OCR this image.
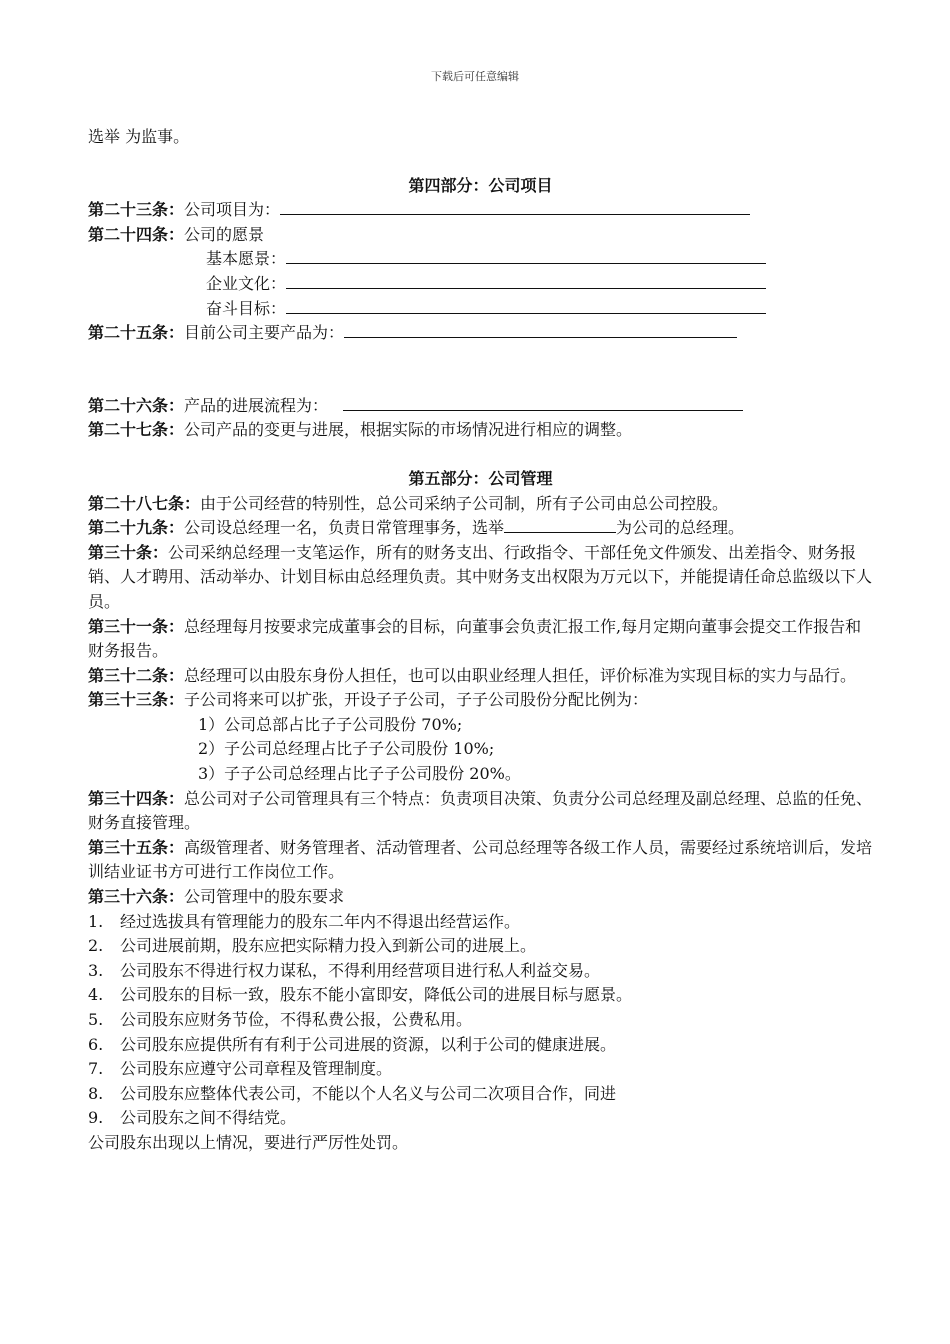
下载后可任意编辑

选举 为监事。

第四部分：公司项目

第二十三条：公司项目为：

第二十四条：公司的愿景

基本愿景：

企业文化：

奋斗目标：

第二十五条：目前公司主要产品为：

第二十六条：产品的进展流程为：

第二十七条：公司产品的变更与进展，根据实际的市场情况进行相应的调整。

第五部分：公司管理

第二十八七条：由于公司经营的特别性，总公司采纳子公司制，所有子公司由总公司控股。

第二十九条：公司设总经理一名，负责日常管理事务，选举	为公司的总经理。

第三十条：公司采纳总经理一支笔运作，所有的财务支出、行政指令、干部任免文件颁发、出差指令、财务报销、人才聘用、活动举办、计划目标由总经理负责。其中财务支出权限为万元以下，并能提请任命总监级以下人员。

第三十一条：总经理每月按要求完成董事会的目标，向董事会负责汇报工作,每月定期向董事会提交工作报告和财务报告。

第三十二条：总经理可以由股东身份人担任，也可以由职业经理人担任，评价标准为实现目标的实力与品行。

第三十三条：子公司将来可以扩张，开设子子公司，子子公司股份分配比例为：

1）公司总部占比子子公司股份 70%;

2）子公司总经理占比子子公司股份 10%;

3）子子公司总经理占比子子公司股份 20%。

第三十四条：总公司对子公司管理具有三个特点：负责项目决策、负责分公司总经理及副总经理、总监的任免、财务直接管理。

第三十五条：高级管理者、财务管理者、活动管理者、公司总经理等各级工作人员，需要经过系统培训后，发培训结业证书方可进行工作岗位工作。

第三十六条：公司管理中的股东要求

1. 经过选拔具有管理能力的股东二年内不得退出经营运作。

2. 公司进展前期，股东应把实际精力投入到新公司的进展上。

3. 公司股东不得进行权力谋私，不得利用经营项目进行私人利益交易。

4. 公司股东的目标一致，股东不能小富即安，降低公司的进展目标与愿景。

5. 公司股东应财务节俭，不得私费公报，公费私用。

6. 公司股东应提供所有有利于公司进展的资源，以利于公司的健康进展。

7. 公司股东应遵守公司章程及管理制度。

8. 公司股东应整体代表公司，不能以个人名义与公司二次项目合作，同进

9. 公司股东之间不得结党。

公司股东出现以上情况，要进行严厉性处罚。
